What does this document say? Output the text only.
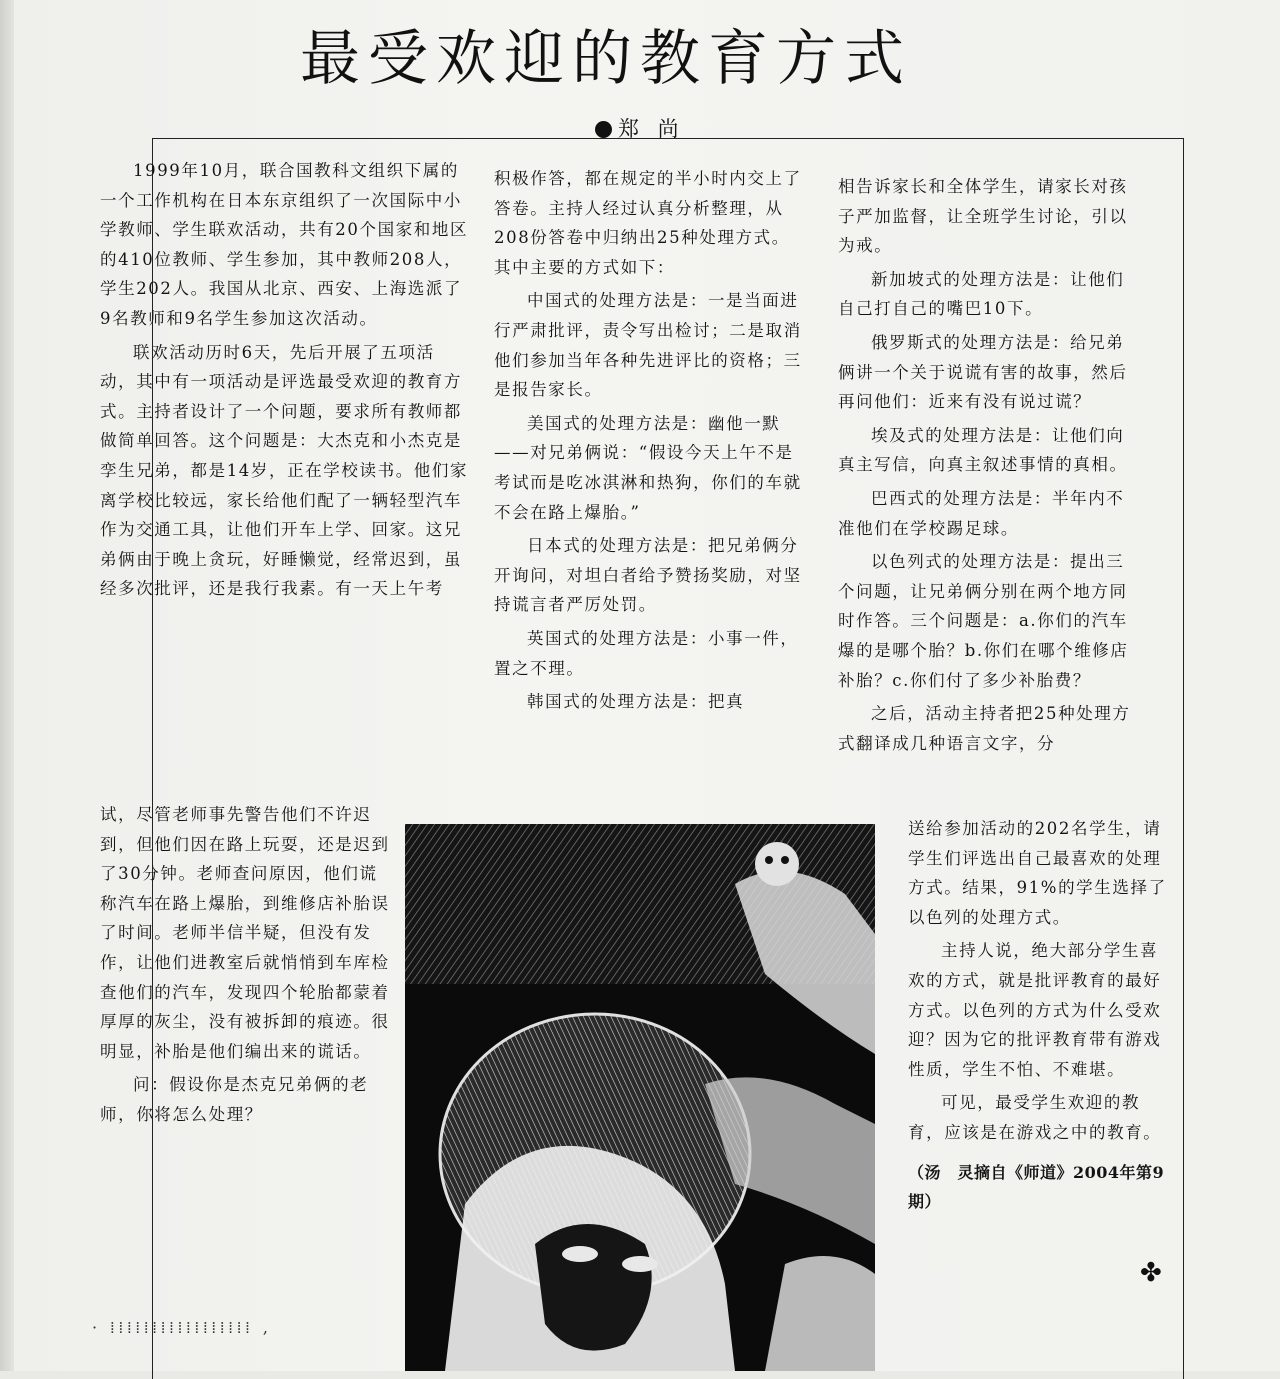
最受欢迎的教育方式
郑 尚

1999年10月，联合国教科文组织下属的一个工作机构在日本东京组织了一次国际中小学教师、学生联欢活动，共有20个国家和地区的410位教师、学生参加，其中教师208人，学生202人。我国从北京、西安、上海选派了9名教师和9名学生参加这次活动。

联欢活动历时6天，先后开展了五项活动，其中有一项活动是评选最受欢迎的教育方式。主持者设计了一个问题，要求所有教师都做简单回答。这个问题是：大杰克和小杰克是孪生兄弟，都是14岁，正在学校读书。他们家离学校比较远，家长给他们配了一辆轻型汽车作为交通工具，让他们开车上学、回家。这兄弟俩由于晚上贪玩，好睡懒觉，经常迟到，虽经多次批评，还是我行我素。有一天上午考

试，尽管老师事先警告他们不许迟到，但他们因在路上玩耍，还是迟到了30分钟。老师查问原因，他们谎称汽车在路上爆胎，到维修店补胎误了时间。老师半信半疑，但没有发作，让他们进教室后就悄悄到车库检查他们的汽车，发现四个轮胎都蒙着厚厚的灰尘，没有被拆卸的痕迹。很明显，补胎是他们编出来的谎话。

问：假设你是杰克兄弟俩的老师，你将怎么处理？

积极作答，都在规定的半小时内交上了答卷。主持人经过认真分析整理，从208份答卷中归纳出25种处理方式。其中主要的方式如下：

中国式的处理方法是：一是当面进行严肃批评，责令写出检讨；二是取消他们参加当年各种先进评比的资格；三是报告家长。

美国式的处理方法是：幽他一默——对兄弟俩说：“假设今天上午不是考试而是吃冰淇淋和热狗，你们的车就不会在路上爆胎。”

日本式的处理方法是：把兄弟俩分开询问，对坦白者给予赞扬奖励，对坚持谎言者严厉处罚。

英国式的处理方法是：小事一件，置之不理。

韩国式的处理方法是：把真

相告诉家长和全体学生，请家长对孩子严加监督，让全班学生讨论，引以为戒。

新加坡式的处理方法是：让他们自己打自己的嘴巴10下。

俄罗斯式的处理方法是：给兄弟俩讲一个关于说谎有害的故事，然后再问他们：近来有没有说过谎？

埃及式的处理方法是：让他们向真主写信，向真主叙述事情的真相。

巴西式的处理方法是：半年内不准他们在学校踢足球。

以色列式的处理方法是：提出三个问题，让兄弟俩分别在两个地方同时作答。三个问题是：a.你们的汽车爆的是哪个胎？b.你们在哪个维修店补胎？c.你们付了多少补胎费？

之后，活动主持者把25种处理方式翻译成几种语言文字，分

送给参加活动的202名学生，请学生们评选出自己最喜欢的处理方式。结果，91%的学生选择了以色列的处理方式。

主持人说，绝大部分学生喜欢的方式，就是批评教育的最好方式。以色列的方式为什么受欢迎？因为它的批评教育带有游戏性质，学生不怕、不难堪。

可见，最受学生欢迎的教育，应该是在游戏之中的教育。

（汤　灵摘自《师道》2004年第9期）

✤
· ⁞⁞⁞⁞⁞⁞⁞⁞⁞⁞⁞⁞⁞⁞⁞⁞⁞ ,
